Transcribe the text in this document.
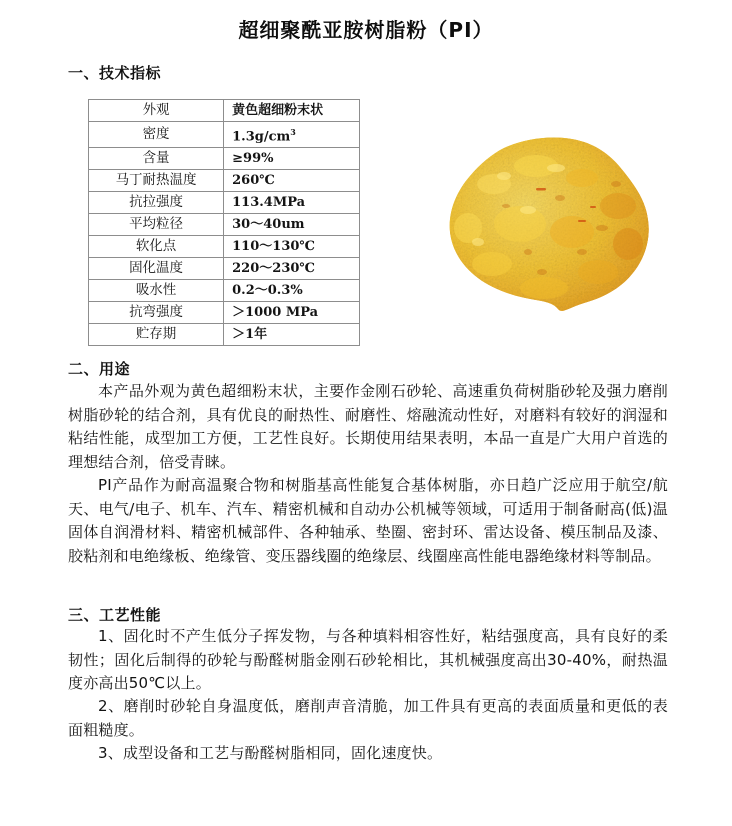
超细聚酰亚胺树脂粉（PI）
一、技术指标
外观	黄色超细粉末状
密度	$1.3g/cm^3$
含量	≥99%
马丁耐热温度	260℃
抗拉强度	113.4MPa
平均粒径	30～40um
软化点	110～130℃
固化温度	220～230℃
吸水性	0.2～0.3%
抗弯强度	＞1000 MPa
贮存期	＞1年
二、用途
本产品外观为黄色超细粉末状，主要作金刚石砂轮、高速重负荷树脂砂轮及强力磨削树脂砂轮的结合剂，具有优良的耐热性、耐磨性、熔融流动性好，对磨料有较好的润湿和粘结性能，成型加工方便，工艺性良好。长期使用结果表明，本品一直是广大用户首选的理想结合剂，倍受青睐。
PI产品作为耐高温聚合物和树脂基高性能复合基体树脂，亦日趋广泛应用于航空/航天、电气/电子、机车、汽车、精密机械和自动办公机械等领域，可适用于制备耐高(低)温固体自润滑材料、精密机械部件、各种轴承、垫圈、密封环、雷达设备、模压制品及漆、胶粘剂和电绝缘板、绝缘管、变压器线圈的绝缘层、线圈座高性能电器绝缘材料等制品。
三、工艺性能
1、固化时不产生低分子挥发物，与各种填料相容性好，粘结强度高，具有良好的柔韧性；固化后制得的砂轮与酚醛树脂金刚石砂轮相比，其机械强度高出30-40%，耐热温度亦高出50℃以上。
2、磨削时砂轮自身温度低，磨削声音清脆，加工件具有更高的表面质量和更低的表面粗糙度。
3、成型设备和工艺与酚醛树脂相同，固化速度快。
